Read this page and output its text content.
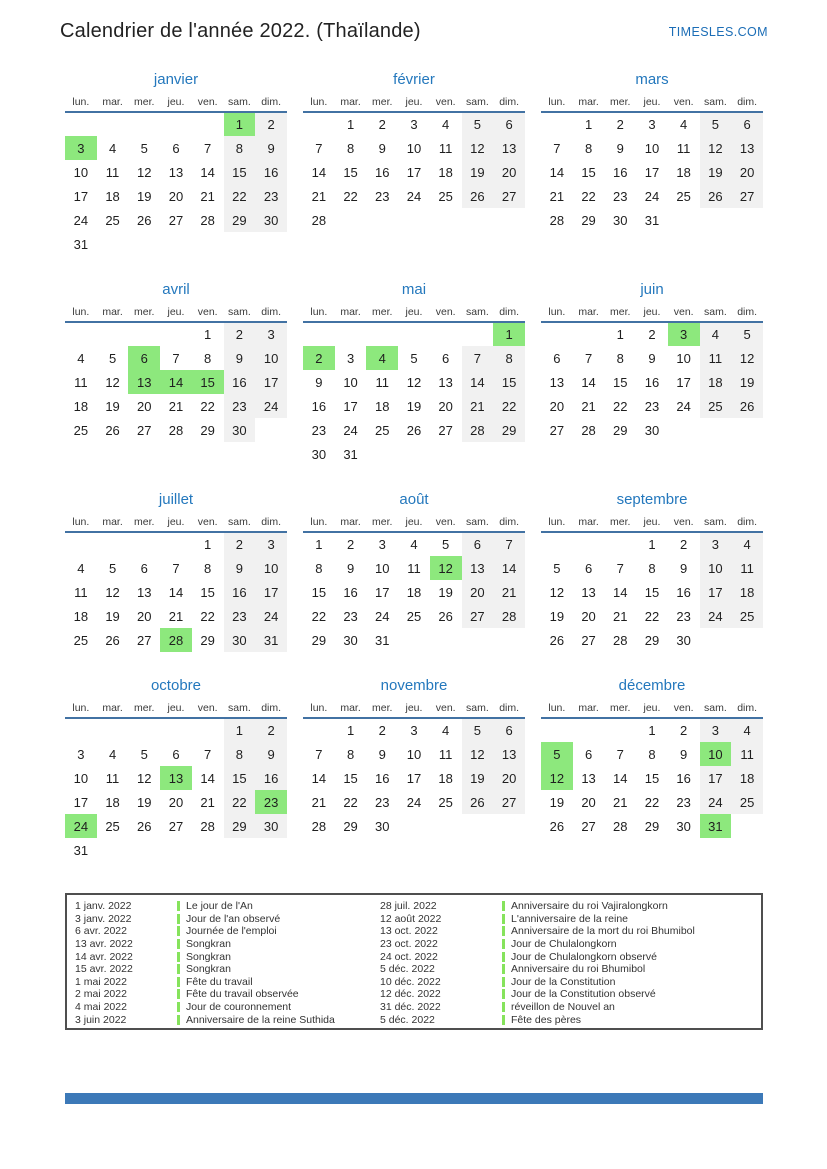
Calendrier de l'année 2022. (Thaïlande)	TIMESLES.COM
janvier
lun.	mar.	mer.	jeu.	ven.	sam.	dim.
					1	2
3	4	5	6	7	8	9
10	11	12	13	14	15	16
17	18	19	20	21	22	23
24	25	26	27	28	29	30
31						
février
lun.	mar.	mer.	jeu.	ven.	sam.	dim.
	1	2	3	4	5	6
7	8	9	10	11	12	13
14	15	16	17	18	19	20
21	22	23	24	25	26	27
28						
mars
lun.	mar.	mer.	jeu.	ven.	sam.	dim.
	1	2	3	4	5	6
7	8	9	10	11	12	13
14	15	16	17	18	19	20
21	22	23	24	25	26	27
28	29	30	31			
avril
lun.	mar.	mer.	jeu.	ven.	sam.	dim.
				1	2	3
4	5	6	7	8	9	10
11	12	13	14	15	16	17
18	19	20	21	22	23	24
25	26	27	28	29	30	
mai
lun.	mar.	mer.	jeu.	ven.	sam.	dim.
						1
2	3	4	5	6	7	8
9	10	11	12	13	14	15
16	17	18	19	20	21	22
23	24	25	26	27	28	29
30	31					
juin
lun.	mar.	mer.	jeu.	ven.	sam.	dim.
		1	2	3	4	5
6	7	8	9	10	11	12
13	14	15	16	17	18	19
20	21	22	23	24	25	26
27	28	29	30			
juillet
lun.	mar.	mer.	jeu.	ven.	sam.	dim.
				1	2	3
4	5	6	7	8	9	10
11	12	13	14	15	16	17
18	19	20	21	22	23	24
25	26	27	28	29	30	31
août
lun.	mar.	mer.	jeu.	ven.	sam.	dim.
1	2	3	4	5	6	7
8	9	10	11	12	13	14
15	16	17	18	19	20	21
22	23	24	25	26	27	28
29	30	31				
septembre
lun.	mar.	mer.	jeu.	ven.	sam.	dim.
			1	2	3	4
5	6	7	8	9	10	11
12	13	14	15	16	17	18
19	20	21	22	23	24	25
26	27	28	29	30		
octobre
lun.	mar.	mer.	jeu.	ven.	sam.	dim.
					1	2
3	4	5	6	7	8	9
10	11	12	13	14	15	16
17	18	19	20	21	22	23
24	25	26	27	28	29	30
31						
novembre
lun.	mar.	mer.	jeu.	ven.	sam.	dim.
	1	2	3	4	5	6
7	8	9	10	11	12	13
14	15	16	17	18	19	20
21	22	23	24	25	26	27
28	29	30				
décembre
lun.	mar.	mer.	jeu.	ven.	sam.	dim.
			1	2	3	4
5	6	7	8	9	10	11
12	13	14	15	16	17	18
19	20	21	22	23	24	25
26	27	28	29	30	31	
1 janv. 2022	Le jour de l'An
3 janv. 2022	Jour de l'an observé
6 avr. 2022	Journée de l'emploi
13 avr. 2022	Songkran
14 avr. 2022	Songkran
15 avr. 2022	Songkran
1 mai 2022	Fête du travail
2 mai 2022	Fête du travail observée
4 mai 2022	Jour de couronnement
3 juin 2022	Anniversaire de la reine Suthida
28 juil. 2022	Anniversaire du roi Vajiralongkorn
12 août 2022	L'anniversaire de la reine
13 oct. 2022	Anniversaire de la mort du roi Bhumibol
23 oct. 2022	Jour de Chulalongkorn
24 oct. 2022	Jour de Chulalongkorn observé
5 déc. 2022	Anniversaire du roi Bhumibol
10 déc. 2022	Jour de la Constitution
12 déc. 2022	Jour de la Constitution observé
31 déc. 2022	réveillon de Nouvel an
5 déc. 2022	Fête des pères
